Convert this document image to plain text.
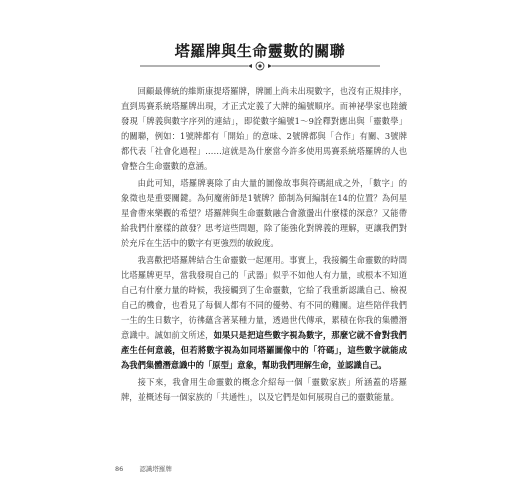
塔羅牌與生命靈數的關聯

回顧最傳統的維斯康提塔羅牌，牌圖上尚未出現數字，也沒有正規排序，直到馬賽系統塔羅牌出現，才正式定義了大牌的編號順序。而神祕學家也陸續發現「牌義與數字序列的連結」，即從數字編號1～9詮釋對應出與「靈數學」的關聯，例如：1號牌都有「開始」的意味、2號牌都與「合作」有關、3號牌都代表「社會化過程」……這就是為什麼當今許多使用馬賽系統塔羅牌的人也會整合生命靈數的意涵。

由此可知，塔羅牌裏除了由大量的圖像故事與符碼組成之外，「數字」的象徵也是重要關鍵。為何魔術師是1號牌？節制為何編制在14的位置？為何星星會帶來樂觀的希望？塔羅牌與生命靈數融合會激盪出什麼樣的深意？又能帶給我們什麼樣的啟發？思考這些問題，除了能強化對牌義的理解，更讓我們對於充斥在生活中的數字有更強烈的敏銳度。

我喜歡把塔羅牌結合生命靈數一起運用。事實上，我接觸生命靈數的時間比塔羅牌更早，當我發現自己的「武器」似乎不如他人有力量，或根本不知道自己有什麼力量的時候，我接觸到了生命靈數，它給了我重新認識自己、檢視自己的機會，也看見了每個人都有不同的優勢、有不同的難關。這些陪伴我們一生的生日數字，彷彿蘊含著某種力量，透過世代傳承，累積在你我的集體潛意識中。誠如前文所述，如果只是把這些數字視為數字，那麼它就不會對我們產生任何意義，但若將數字視為如同塔羅圖像中的「符碼」，這些數字就能成為我們集體潛意識中的「原型」意象，幫助我們理解生命，並認識自己。

接下來，我會用生命靈數的概念介紹每一個「靈數家族」所涵蓋的塔羅牌，並概述每一個家族的「共通性」，以及它們是如何展現自己的靈數能量。

86 認識塔羅牌
